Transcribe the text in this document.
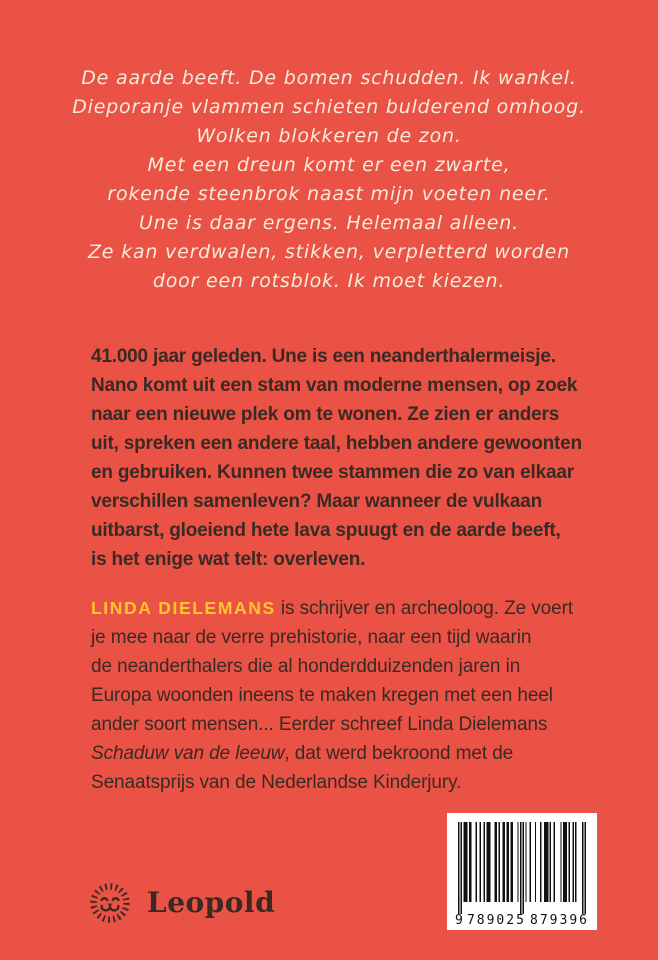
De aarde beeft. De bomen schudden. Ik wankel.
Dieporanje vlammen schieten bulderend omhoog.
Wolken blokkeren de zon.
Met een dreun komt er een zwarte,
rokende steenbrok naast mijn voeten neer.
Une is daar ergens. Helemaal alleen.
Ze kan verdwalen, stikken, verpletterd worden
door een rotsblok. Ik moet kiezen.
41.000 jaar geleden. Une is een neanderthalermeisje.
Nano komt uit een stam van moderne mensen, op zoek
naar een nieuwe plek om te wonen. Ze zien er anders
uit, spreken een andere taal, hebben andere gewoonten
en gebruiken. Kunnen twee stammen die zo van elkaar
verschillen samenleven? Maar wanneer de vulkaan
uitbarst, gloeiend hete lava spuugt en de aarde beeft,
is het enige wat telt: overleven.
LINDA DIELEMANS is schrijver en archeoloog. Ze voert
je mee naar de verre prehistorie, naar een tijd waarin
de neanderthalers die al honderdduizenden jaren in
Europa woonden ineens te maken kregen met een heel
ander soort mensen... Eerder schreef Linda Dielemans
Schaduw van de leeuw, dat werd bekroond met de
Senaatsprijs van de Nederlandse Kinderjury.
Leopold
9 789025 879396
